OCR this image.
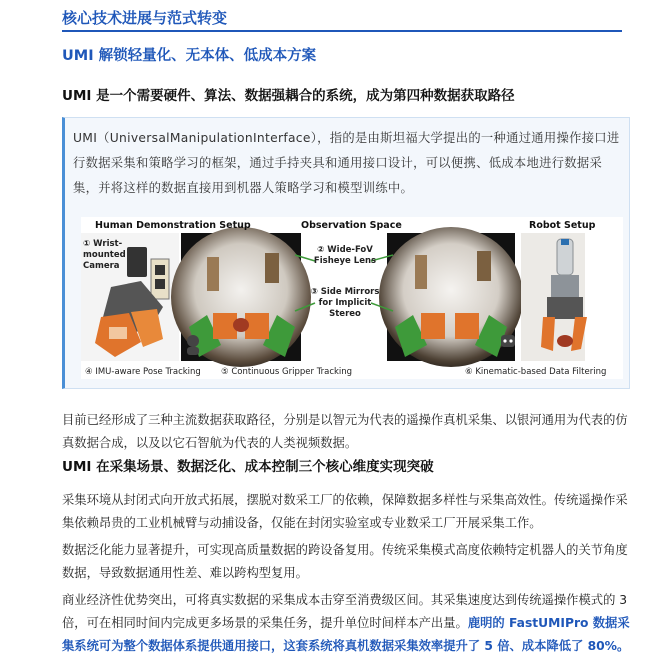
核心技术进展与范式转变
UMI 解锁轻量化、无本体、低成本方案
UMI 是一个需要硬件、算法、数据强耦合的系统，成为第四种数据获取路径
UMI（UniversalManipulationInterface），指的是由斯坦福大学提出的一种通过通用操作接口进行数据采集和策略学习的框架，通过手持夹具和通用接口设计，可以便携、低成本地进行数据采集，并将这样的数据直接用到机器人策略学习和模型训练中。
Human Demonstration Setup	Observation Space	Robot Setup
① Wrist-mounted
Camera
② Wide-FoV
Fisheye Lens
③ Side Mirrors
for Implicit
Stereo
④ IMU-aware Pose Tracking ⑤ Continuous Gripper Tracking	⑥ Kinematic-based Data Filtering
目前已经形成了三种主流数据获取路径，分别是以智元为代表的遥操作真机采集、以银河通用为代表的仿真数据合成，以及以它石智航为代表的人类视频数据。
UMI 在采集场景、数据泛化、成本控制三个核心维度实现突破
采集环境从封闭式向开放式拓展，摆脱对数采工厂的依赖，保障数据多样性与采集高效性。传统遥操作采集依赖昂贵的工业机械臂与动捕设备，仅能在封闭实验室或专业数采工厂开展采集工作。
数据泛化能力显著提升，可实现高质量数据的跨设备复用。传统采集模式高度依赖特定机器人的关节角度数据，导致数据通用性差、难以跨构型复用。
商业经济性优势突出，可将真实数据的采集成本击穿至消费级区间。其采集速度达到传统遥操作模式的 3 倍，可在相同时间内完成更多场景的采集任务，提升单位时间样本产出量。鹿明的 FastUMIPro 数据采集系统可为整个数据体系提供通用接口，这套系统将真机数据采集效率提升了 5 倍、成本降低了 80%。
